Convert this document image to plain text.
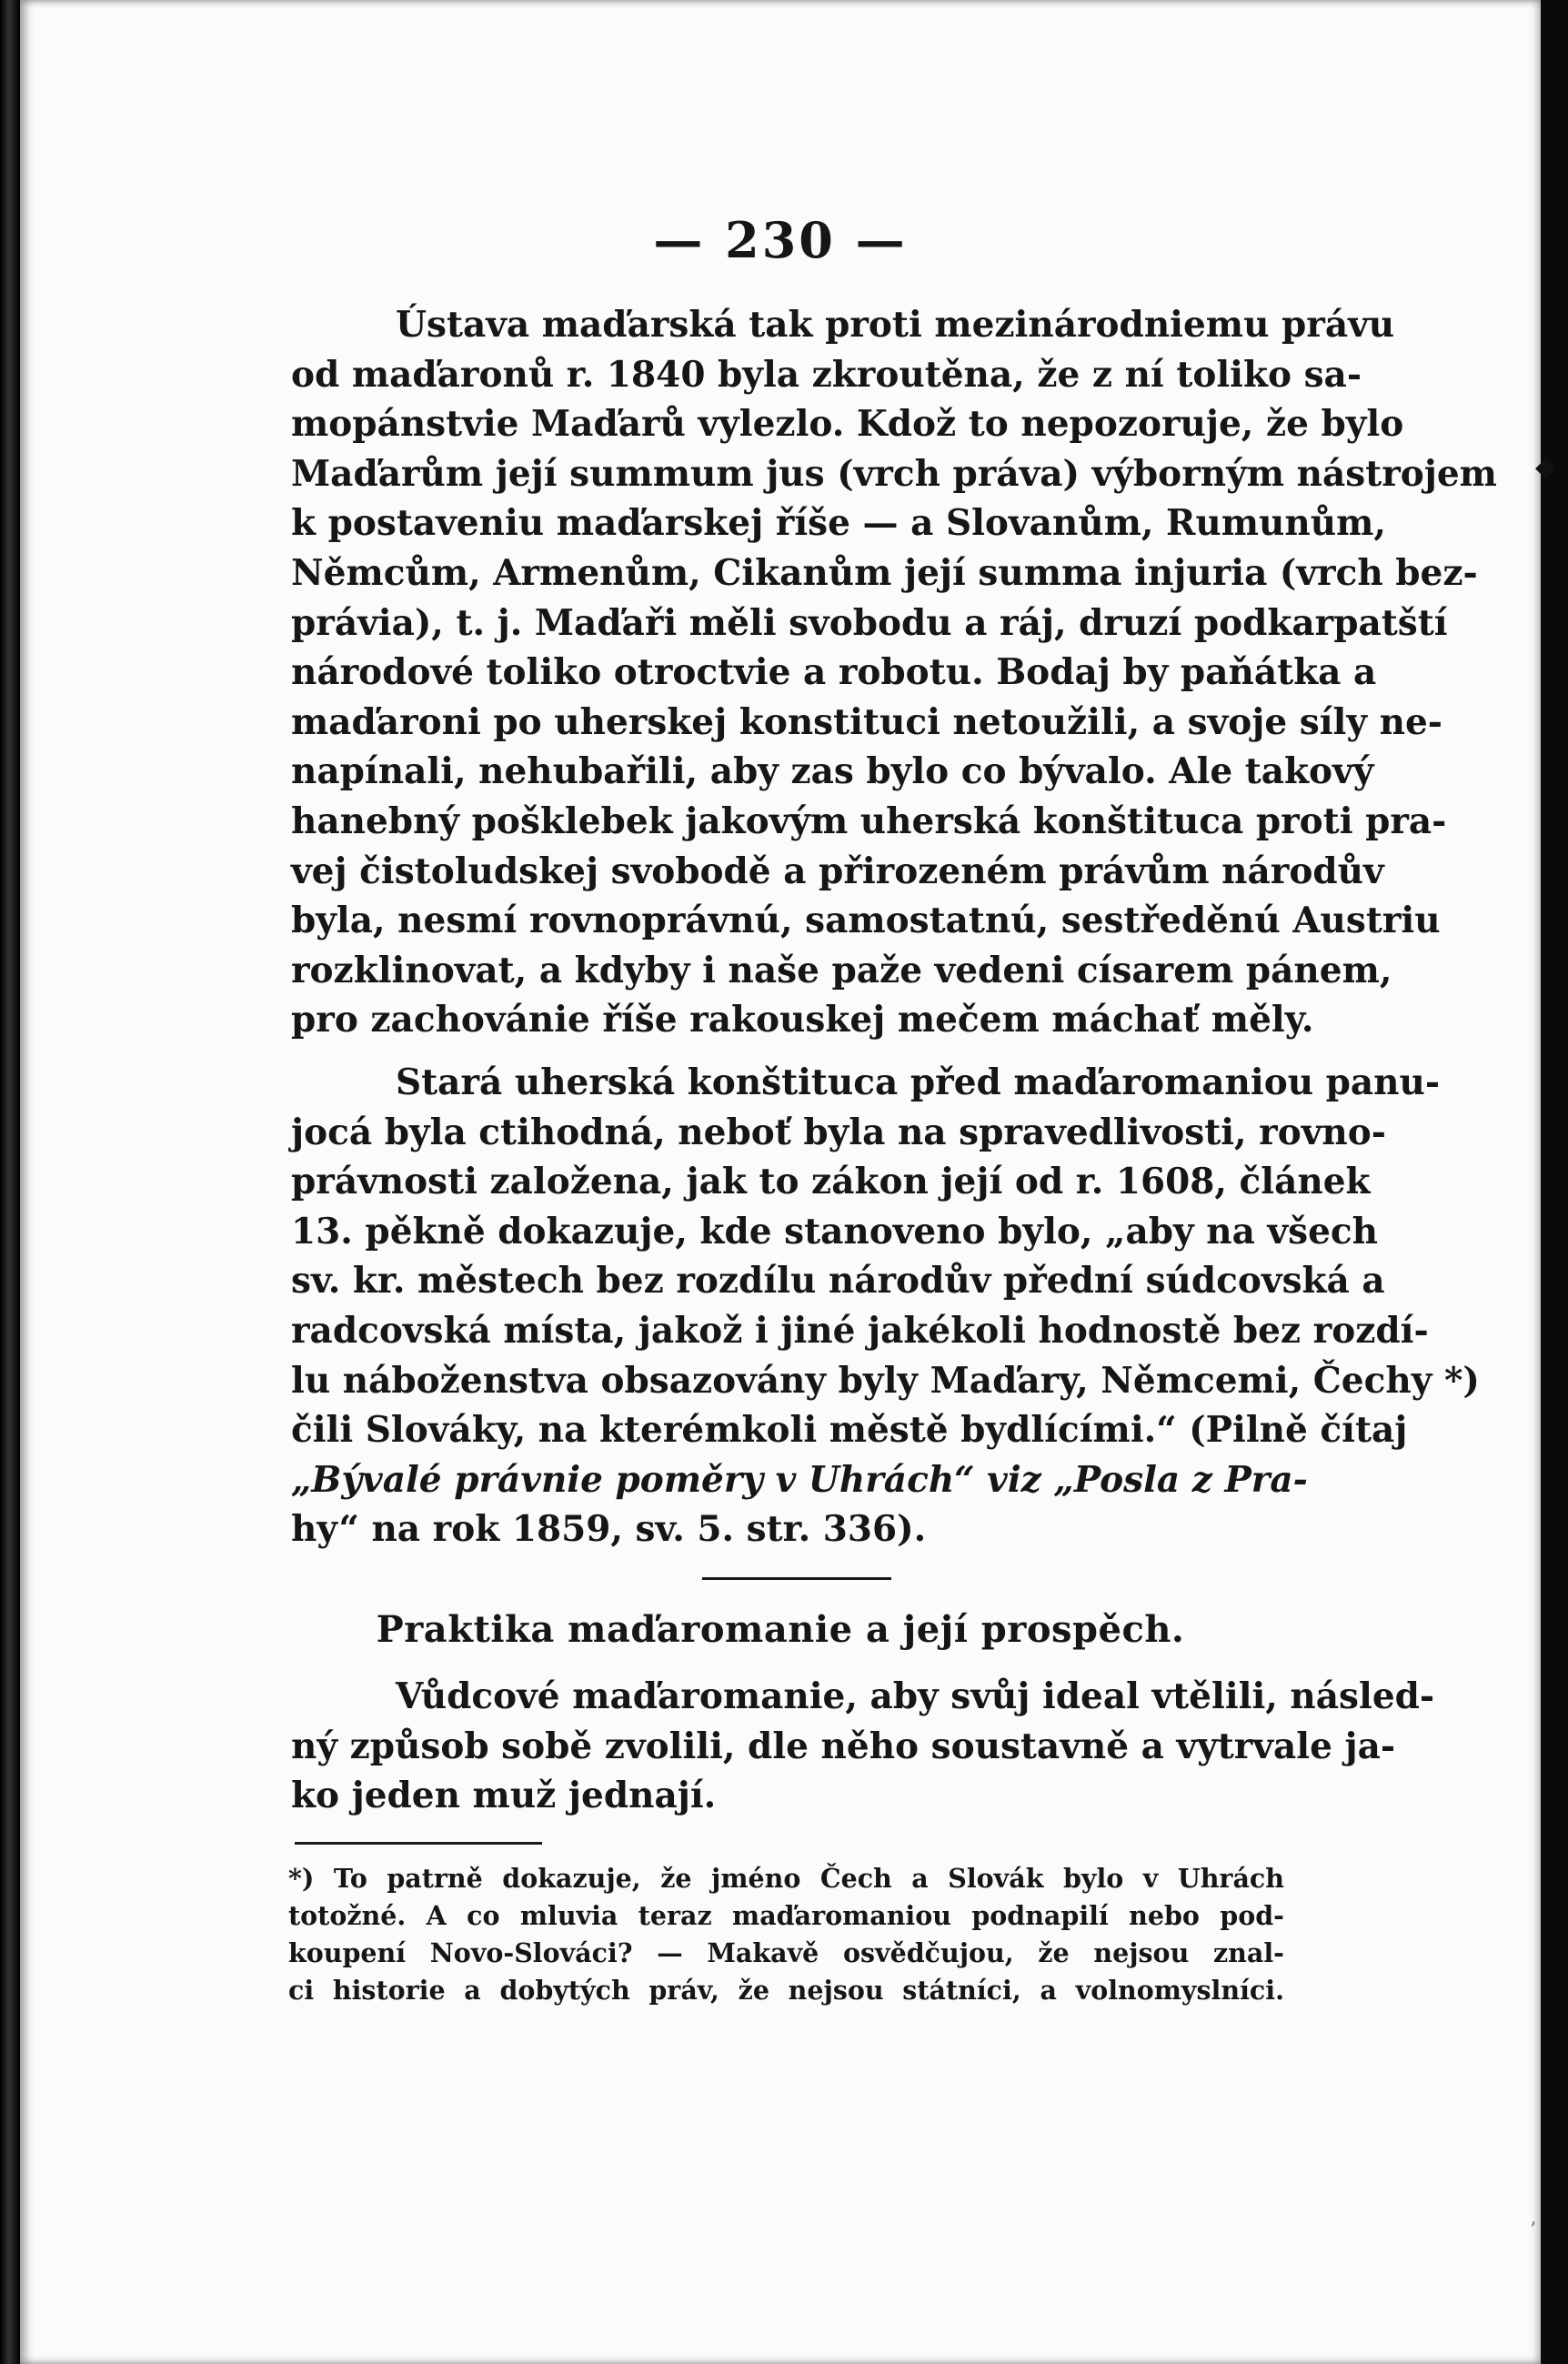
— 230 —
Ústava maďarská tak proti mezinárodniemu právu
od maďaronů r. 1840 byla zkroutěna, že z ní toliko sa-
mopánstvie Maďarů vylezlo. Kdož to nepozoruje, že bylo
Maďarům její summum jus (vrch práva) výborným nástrojem
k postaveniu maďarskej říše — a Slovanům, Rumunům,
Němcům, Armenům, Cikanům její summa injuria (vrch bez-
právia), t. j. Maďaři měli svobodu a ráj, druzí podkarpatští
národové toliko otroctvie a robotu. Bodaj by paňátka a
maďaroni po uherskej konstituci netoužili, a svoje síly ne-
napínali, nehubařili, aby zas bylo co bývalo. Ale takový
hanebný pošklebek jakovým uherská konštituca proti pra-
vej čistoludskej svobodě a přirozeném právům národův
byla, nesmí rovnoprávnú, samostatnú, sestředěnú Austriu
rozklinovat, a kdyby i naše paže vedeni císarem pánem,
pro zachovánie říše rakouskej mečem máchať měly.
Stará uherská konštituca před maďaromaniou panu-
jocá byla ctihodná, neboť byla na spravedlivosti, rovno-
právnosti založena, jak to zákon její od r. 1608, článek
13. pěkně dokazuje, kde stanoveno bylo, „aby na všech
sv. kr. městech bez rozdílu národův přední súdcovská a
radcovská místa, jakož i jiné jakékoli hodnostě bez rozdí-
lu náboženstva obsazovány byly Maďary, Němcemi, Čechy *)
čili Slováky, na kterémkoli městě bydlícími.“ (Pilně čítaj
„Bývalé právnie poměry v Uhrách“ viz „Posla z Pra-
hy“ na rok 1859, sv. 5. str. 336).
Praktika maďaromanie a její prospěch.
Vůdcové maďaromanie, aby svůj ideal vtělili, násled-
ný způsob sobě zvolili, dle něho soustavně a vytrvale ja-
ko jeden muž jednají.
*) To patrně dokazuje, že jméno Čech a Slovák bylo v Uhrách
totožné. A co mluvia teraz maďaromaniou podnapilí nebo pod-
koupení Novo-Slováci? — Makavě osvědčujou, že nejsou znal-
ci historie a dobytých práv, že nejsou státníci, a volnomyslníci.
’
◆
